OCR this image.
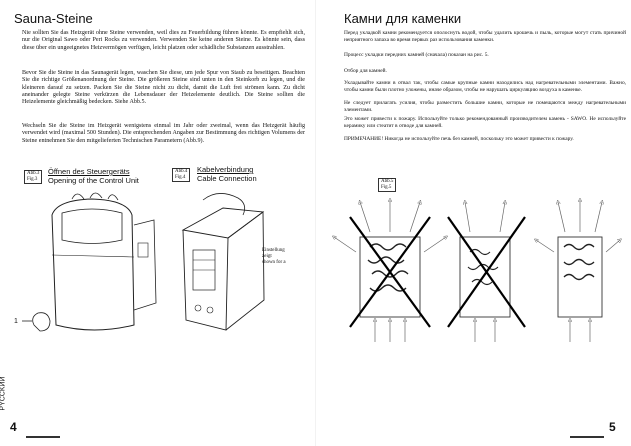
Sauna-Steine

Nie sollten Sie das Heizgerät ohne Steine verwenden, weil dies zu Feuerbildung führen könnte. Es empfiehlt sich, nur die Original Sawo oder Peri Rocks zu verwenden. Verwenden Sie keine anderen Steine. Es könnte sein, dass diese über ein ungeeignetes Heizvermögen verfügen, leicht platzen oder schädliche Substanzen ausstrahlen.

Bevor Sie die Steine in das Saunagerät legen, waschen Sie diese, um jede Spur von Staub zu beseitigen. Beachten Sie die richtige Größenanordnung der Steine. Die größeren Steine sind unten in den Steinkorb zu legen, und die kleineren darauf zu setzen. Packen Sie die Steine nicht zu dicht, damit die Luft frei strömen kann. Zu dicht aneinander gelegte Steine verkürzen die Lebensdauer der Heizelemente deutlich. Die Steine sollten die Heizelemente gleichmäßig bedecken. Siehe Abb.5.

Wechseln Sie die Steine im Heizgerät wenigstens einmal im Jahr oder zweimal, wenn das Heizgerät häufig verwendet wird (maximal 500 Stunden). Die entsprechenden Angaben zur Bestimmung des richtigen Volumens der Steine entnehmen Sie den mitgelieferten Technischen Parametern (Abb.9).

Abb.3
Fig.3
Öffnen des Steuergeräts
Opening of the Control Unit
1
Abb.4
Fig.4
Kabelverbindung
Cable Connection
Einstellung
zeigt
shown for a
PYCCKИЙ
4
Камни для каменки

Перед укладкой камни рекомендуется ополоснуть водой, чтобы удалить крошечь и пыль, которые могут стать причиной неприятного запаха во время первых раз использования каменки.

Процесс укладки передних камней (сначала) показан на рис. 5.

Отбор для камней.

Укладывайте камни в отвал так, чтобы самые крупные камни находились над нагревательными элементами. Важно, чтобы камни были плотно уложены, иначе образом, чтобы не нарушать циркуляцию воздуха в каменке.

Не следует прилагать усилия, чтобы разместить большие камни, которые не помещаются между нагревательными элементами.

Это может привести к пожару. Используйте только рекомендованный производителем камень - SAWO. Не используйте керамику или стеатит в отводе для камней.

ПРИМЕЧАНИЕ! Никогда не используйте печь без камней, поскольку это может привести к пожару.

Abb.5
Fig.5
5
